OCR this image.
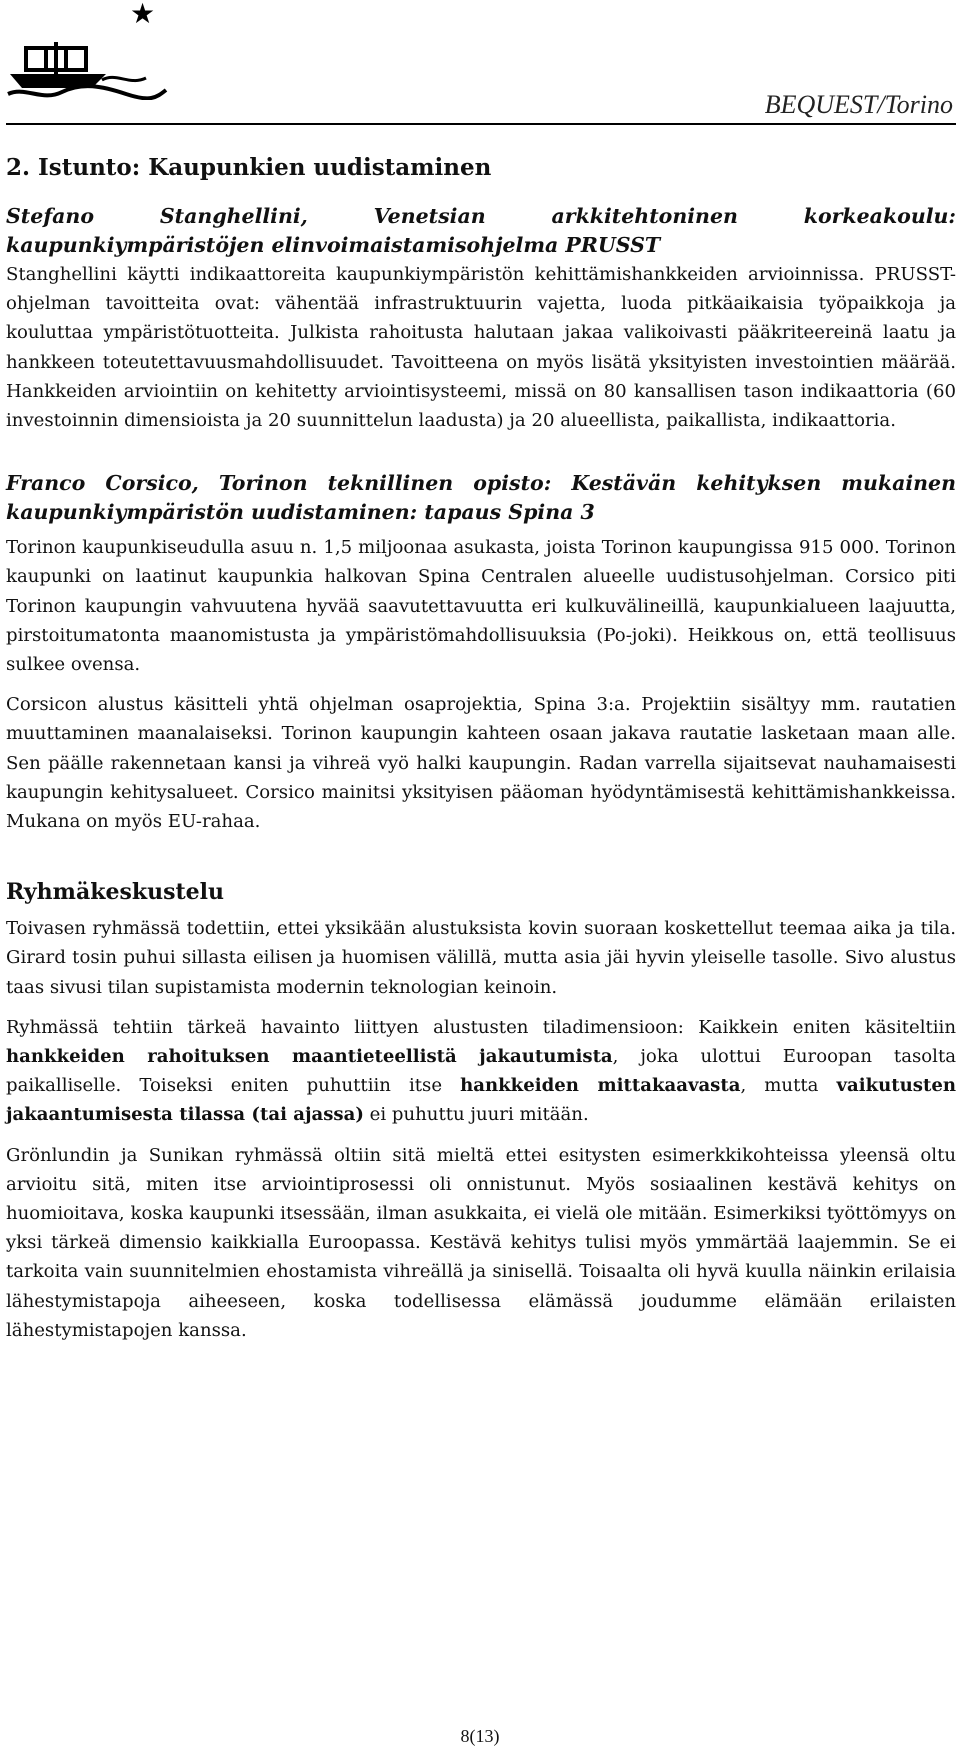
★
BEQUEST/Torino
2. Istunto: Kaupunkien uudistaminen
Stefano Stanghellini, Venetsian arkkitehtoninen korkeakoulu: kaupunkiympäristöjen elinvoimaistamisohjelma PRUSST

Stanghellini käytti indikaattoreita kaupunkiympäristön kehittämishankkeiden arvioinnissa. PRUSST-ohjelman tavoitteita ovat: vähentää infrastruktuurin vajetta, luoda pitkäaikaisia työpaikkoja ja kouluttaa ympäristötuotteita. Julkista rahoitusta halutaan jakaa valikoivasti pääkriteereinä laatu ja hankkeen toteutettavuusmahdollisuudet. Tavoitteena on myös lisätä yksityisten investointien määrää. Hankkeiden arviointiin on kehitetty arviointisysteemi, missä on 80 kansallisen tason indikaattoria (60 investoinnin dimensioista ja 20 suunnittelun laadusta) ja 20 alueellista, paikallista, indikaattoria.

Franco Corsico, Torinon teknillinen opisto: Kestävän kehityksen mukainen kaupunkiympäristön uudistaminen: tapaus Spina 3

Torinon kaupunkiseudulla asuu n. 1,5 miljoonaa asukasta, joista Torinon kaupungissa 915 000. Torinon kaupunki on laatinut kaupunkia halkovan Spina Centralen alueelle uudistusohjelman. Corsico piti Torinon kaupungin vahvuutena hyvää saavutettavuutta eri kulkuvälineillä, kaupunkialueen laajuutta, pirstoitumatonta maanomistusta ja ympäristömahdollisuuksia (Po-joki). Heikkous on, että teollisuus sulkee ovensa.

Corsicon alustus käsitteli yhtä ohjelman osaprojektia, Spina 3:a. Projektiin sisältyy mm. rautatien muuttaminen maanalaiseksi. Torinon kaupungin kahteen osaan jakava rautatie lasketaan maan alle. Sen päälle rakennetaan kansi ja vihreä vyö halki kaupungin. Radan varrella sijaitsevat nauhamaisesti kaupungin kehitysalueet. Corsico mainitsi yksityisen pääoman hyödyntämisestä kehittämishankkeissa. Mukana on myös EU-rahaa.

Ryhmäkeskustelu

Toivasen ryhmässä todettiin, ettei yksikään alustuksista kovin suoraan koskettellut teemaa aika ja tila. Girard tosin puhui sillasta eilisen ja huomisen välillä, mutta asia jäi hyvin yleiselle tasolle. Sivo alustus taas sivusi tilan supistamista modernin teknologian keinoin.

Ryhmässä tehtiin tärkeä havainto liittyen alustusten tiladimensioon: Kaikkein eniten käsiteltiin hankkeiden rahoituksen maantieteellistä jakautumista, joka ulottui Euroopan tasolta paikalliselle. Toiseksi eniten puhuttiin itse hankkeiden mittakaavasta, mutta vaikutusten jakaantumisesta tilassa (tai ajassa) ei puhuttu juuri mitään.

Grönlundin ja Sunikan ryhmässä oltiin sitä mieltä ettei esitysten esimerkkikohteissa yleensä oltu arvioitu sitä, miten itse arviointiprosessi oli onnistunut. Myös sosiaalinen kestävä kehitys on huomioitava, koska kaupunki itsessään, ilman asukkaita, ei vielä ole mitään. Esimerkiksi työttömyys on yksi tärkeä dimensio kaikkialla Euroopassa. Kestävä kehitys tulisi myös ymmärtää laajemmin. Se ei tarkoita vain suunnitelmien ehostamista vihreällä ja sinisellä. Toisaalta oli hyvä kuulla näinkin erilaisia lähestymistapoja aiheeseen, koska todellisessa elämässä joudumme elämään erilaisten lähestymistapojen kanssa.

8(13)
